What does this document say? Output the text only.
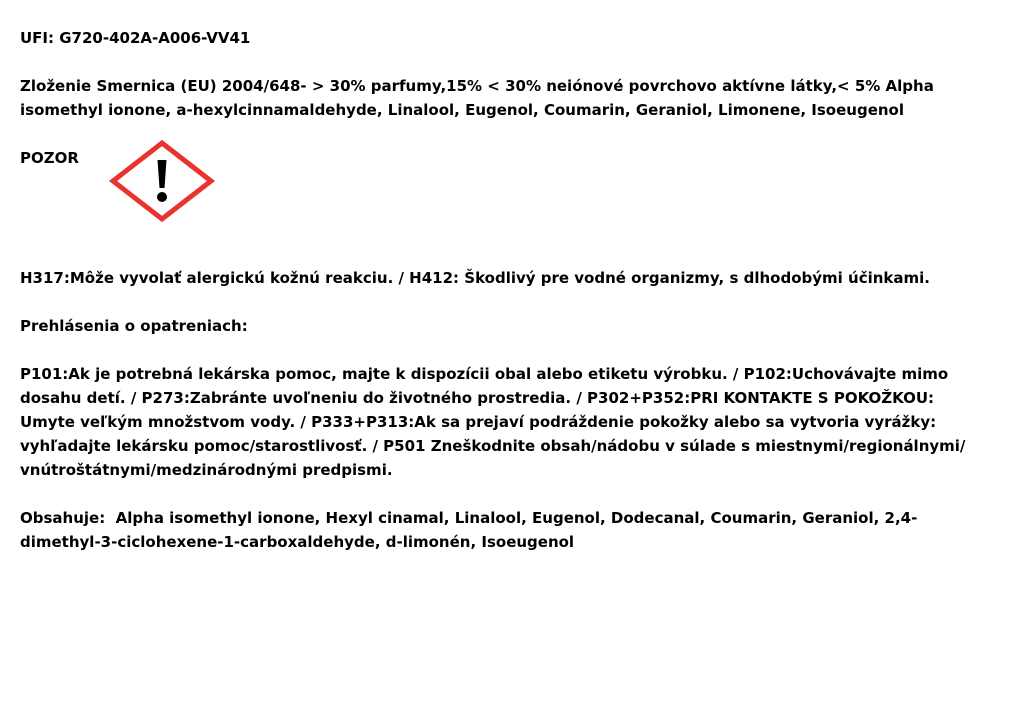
UFI: G720-402A-A006-VV41

Zloženie Smernica (EU) 2004/648- > 30% parfumy,15% < 30% neiónové povrchovo aktívne látky,< 5% Alpha

isomethyl ionone, a-hexylcinnamaldehyde, Linalool, Eugenol, Coumarin, Geraniol, Limonene, Isoeugenol

POZOR

H317:Môže vyvolať alergickú kožnú reakciu. / H412: Škodlivý pre vodné organizmy, s dlhodobými účinkami.

Prehlásenia o opatreniach:

P101:Ak je potrebná lekárska pomoc, majte k dispozícii obal alebo etiketu výrobku. / P102:Uchovávajte mimo

dosahu detí. / P273:Zabránte uvoľneniu do životného prostredia. / P302+P352:PRI KONTAKTE S POKOŽKOU:

Umyte veľkým množstvom vody. / P333+P313:Ak sa prejaví podráždenie pokožky alebo sa vytvoria vyrážky:

vyhľadajte lekársku pomoc/starostlivosť. / P501 Zneškodnite obsah/nádobu v súlade s miestnymi/regionálnymi/

vnútroštátnymi/medzinárodnými predpismi.

Obsahuje:  Alpha isomethyl ionone, Hexyl cinamal, Linalool, Eugenol, Dodecanal, Coumarin, Geraniol, 2,4-

dimethyl-3-ciclohexene-1-carboxaldehyde, d-limonén, Isoeugenol
